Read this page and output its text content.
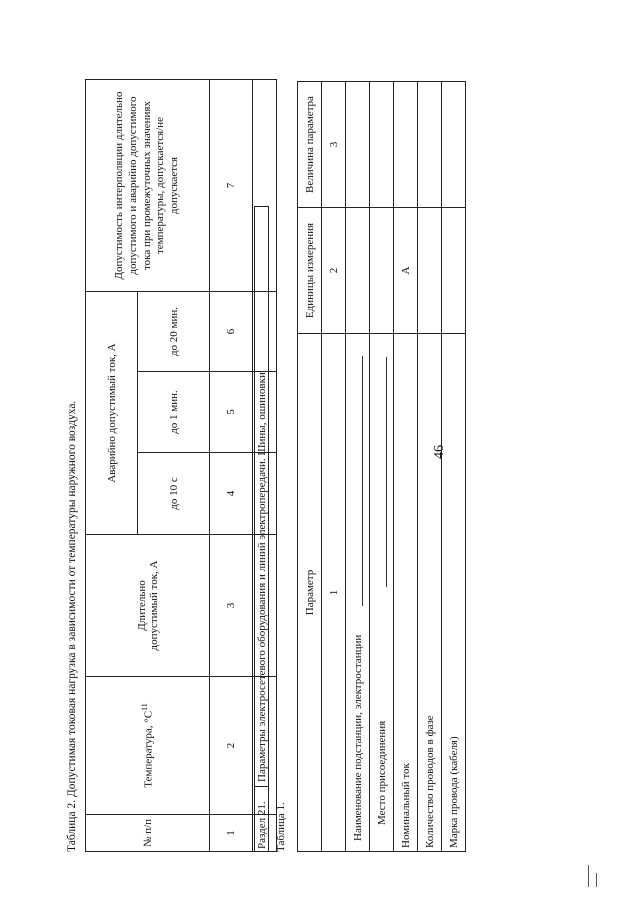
46
Таблица 2. Допустимая токовая нагрузка в зависимости от температуры наружного воздуха.	№ п/п	Температура, $^\circ С^{11}$	Длительно допустимый ток, А	Аварийно допустимый ток, А			Допустимость интерполяции длительно допустимого и аварийно допустимого тока при промежуточных значениях температуры, допускается/не допускается
			до 10 с	до 1 мин.	до 20 мин.	
1	2	3	4	5	6	7

Раздел 21.	Параметры электросетевого оборудования и линий электропередачи. Шины, ошиновки
Таблица 1.
Параметр	Единицы измерения	Величина параметра
1	2	3
Наименование подстанции, электростанции		
Место присоединения		
Номинальный ток	А	
Количество проводов в фазе		
Марка провода (кабеля)		
